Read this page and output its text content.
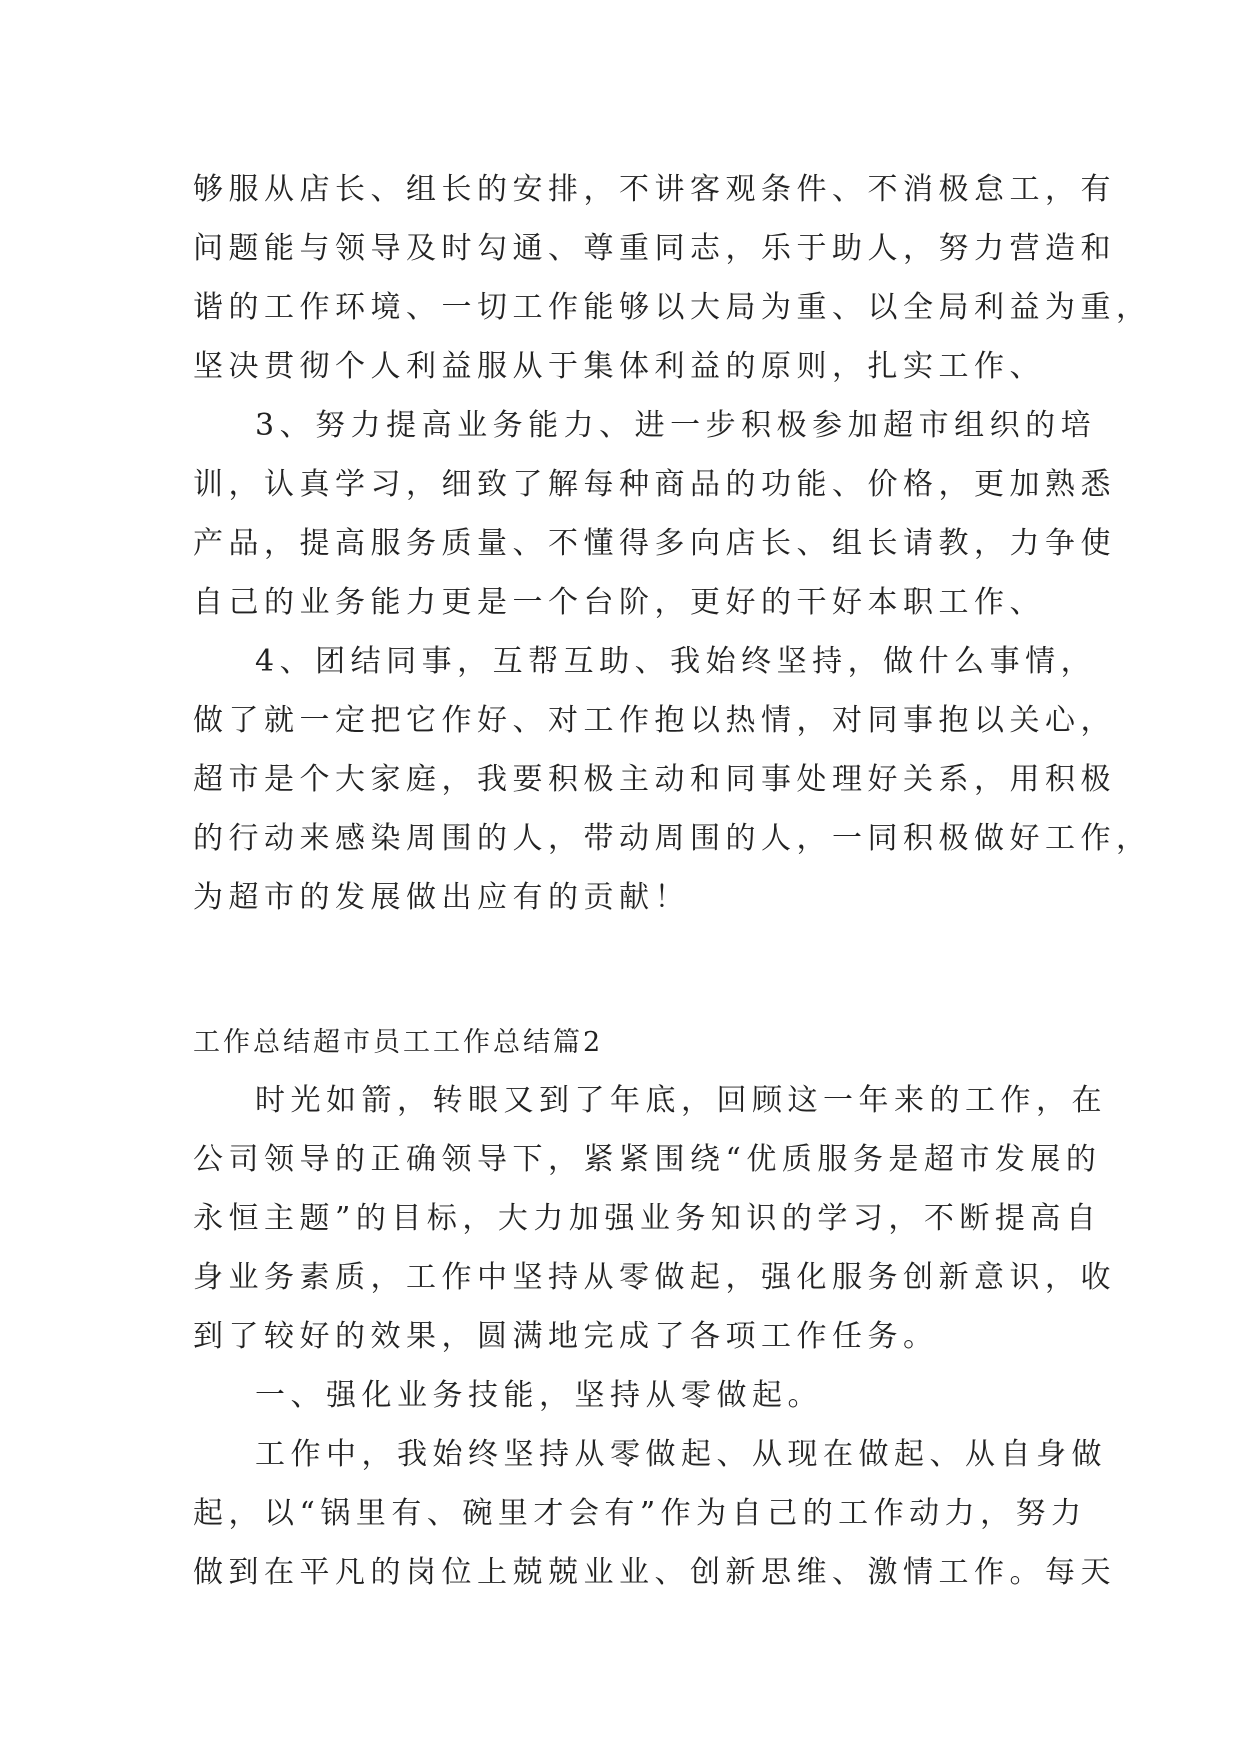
够服从店长、组长的安排，不讲客观条件、不消极怠工，有
问题能与领导及时勾通、尊重同志，乐于助人，努力营造和
谐的工作环境、一切工作能够以大局为重、以全局利益为重，
坚决贯彻个人利益服从于集体利益的原则，扎实工作、
3、努力提高业务能力、进一步积极参加超市组织的培
训，认真学习，细致了解每种商品的功能、价格，更加熟悉
产品，提高服务质量、不懂得多向店长、组长请教，力争使
自己的业务能力更是一个台阶，更好的干好本职工作、
4、团结同事，互帮互助、我始终坚持，做什么事情，
做了就一定把它作好、对工作抱以热情，对同事抱以关心，
超市是个大家庭，我要积极主动和同事处理好关系，用积极
的行动来感染周围的人，带动周围的人，一同积极做好工作，
为超市的发展做出应有的贡献！
工作总结超市员工工作总结篇2
时光如箭，转眼又到了年底，回顾这一年来的工作，在
公司领导的正确领导下，紧紧围绕“优质服务是超市发展的
永恒主题”的目标，大力加强业务知识的学习，不断提高自
身业务素质，工作中坚持从零做起，强化服务创新意识，收
到了较好的效果，圆满地完成了各项工作任务。
一、强化业务技能，坚持从零做起。
工作中，我始终坚持从零做起、从现在做起、从自身做
起，以“锅里有、碗里才会有”作为自己的工作动力，努力
做到在平凡的岗位上兢兢业业、创新思维、激情工作。每天
